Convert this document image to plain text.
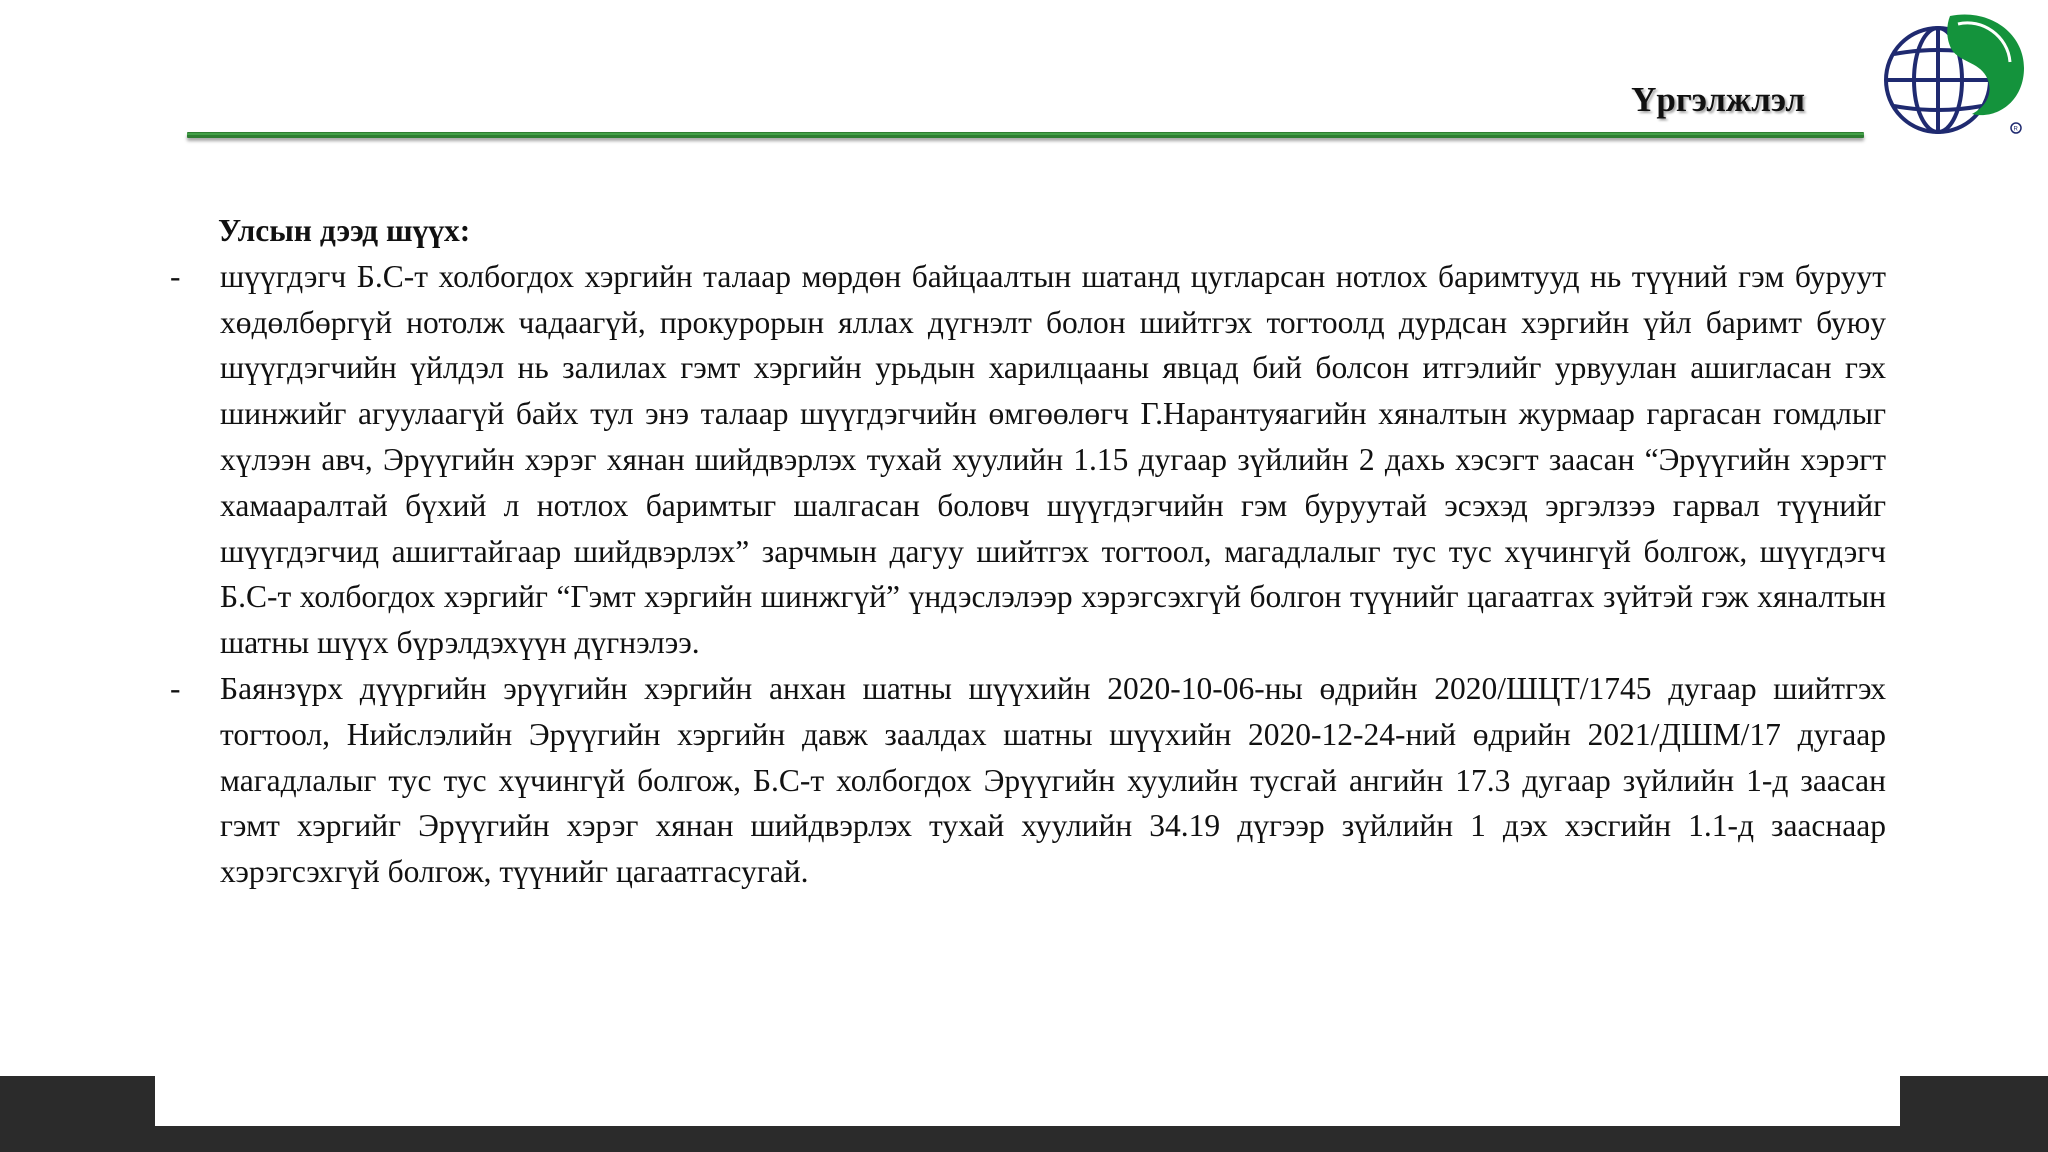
Үргэлжлэл
R

Улсын дээд шүүх:

-	шүүгдэгч Б.С-т холбогдох хэргийн талаар мөрдөн байцаалтын шатанд цугларсан нотлох баримтууд нь түүний гэм буруут хөдөлбөргүй нотолж чадаагүй, прокурорын яллах дүгнэлт болон шийтгэх тогтоолд дурдсан хэргийн үйл баримт буюу шүүгдэгчийн үйлдэл нь залилах гэмт хэргийн урьдын харилцааны явцад бий болсон итгэлийг урвуулан ашигласан гэх шинжийг агуулаагүй байх тул энэ талаар шүүгдэгчийн өмгөөлөгч Г.Нарантуяагийн хяналтын журмаар гаргасан гомдлыг хүлээн авч, Эрүүгийн хэрэг хянан шийдвэрлэх тухай хуулийн 1.15 дугаар зүйлийн 2 дахь хэсэгт заасан “Эрүүгийн хэрэгт хамааралтай бүхий л нотлох баримтыг шалгасан боловч шүүгдэгчийн гэм буруутай эсэхэд эргэлзээ гарвал түүнийг шүүгдэгчид ашигтайгаар шийдвэрлэх” зарчмын дагуу шийтгэх тогтоол, магадлалыг тус тус хүчингүй болгож, шүүгдэгч Б.С-т холбогдох хэргийг “Гэмт хэргийн шинжгүй” үндэслэлээр хэрэгсэхгүй болгон түүнийг цагаатгах зүйтэй гэж хяналтын шатны шүүх бүрэлдэхүүн дүгнэлээ.
-	Баянзүрх дүүргийн эрүүгийн хэргийн анхан шатны шүүхийн 2020-10-06-ны өдрийн 2020/ШЦТ/1745 дугаар шийтгэх тогтоол, Нийслэлийн Эрүүгийн хэргийн давж заалдах шатны шүүхийн 2020-12-24-ний өдрийн 2021/ДШМ/17 дугаар магадлалыг тус тус хүчингүй болгож, Б.С-т холбогдох Эрүүгийн хуулийн тусгай ангийн 17.3 дугаар зүйлийн 1-д заасан гэмт хэргийг Эрүүгийн хэрэг хянан шийдвэрлэх тухай хуулийн 34.19 дүгээр зүйлийн 1 дэх хэсгийн 1.1-д зааснаар хэрэгсэхгүй болгож, түүнийг цагаатгасугай.
